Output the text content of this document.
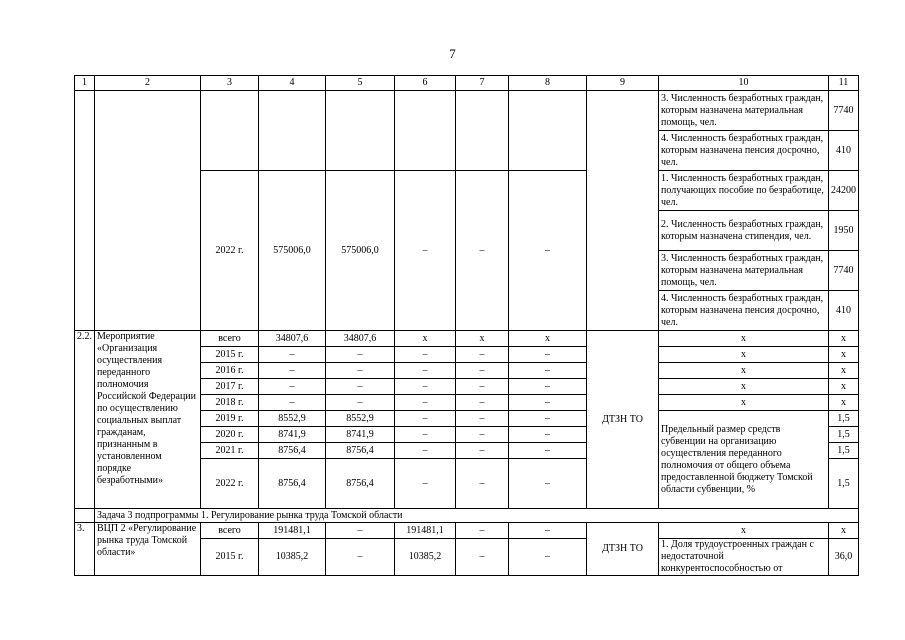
7
1	2	3	4	5	6	7	8	9	10	11
									3. Численность безработных граждан, которым назначена материальная помощь, чел.	7740
									4. Численность безработных граждан, которым назначена пенсия досрочно, чел.	410
		2022 г.	575006,0	575006,0	–	–	–		1. Численность безработных граждан, получающих пособие по безработице, чел.	24200
									2. Численность безработных граждан, которым назначена стипендия, чел.	1950
									3. Численность безработных граждан, которым назначена материальная помощь, чел.	7740
									4. Численность безработных граждан, которым назначена пенсия досрочно, чел.	410
2.2.	Мероприятие «Организация осуществления переданного полномочия Российской Федерации по осуществлению социальных выплат гражданам, признанным в установленном порядке безработными»	всего	34807,6	34807,6	x	x	x	ДТЗН ТО	x	x
		2015 г.	–	–	–	–	–		x	x
		2016 г.	–	–	–	–	–		x	x
		2017 г.	–	–	–	–	–		x	x
		2018 г.	–	–	–	–	–		x	x
		2019 г.	8552,9	8552,9	–	–	–		Предельный размер средств субвенции на организацию осуществления переданного полномочия от общего объема предоставленной бюджету Томской области субвенции, %	1,5
		2020 г.	8741,9	8741,9	–	–	–			1,5
		2021 г.	8756,4	8756,4	–	–	–			1,5
		2022 г.	8756,4	8756,4	–	–	–			1,5
	Задача 3 подпрограммы 1. Регулирование рынка труда Томской области									
3.	ВЦП 2 «Регулирование рынка труда Томской области»	всего	191481,1	–	191481,1	–	–	ДТЗН ТО	x	x
		2015 г.	10385,2	–	10385,2	–	–		1. Доля трудоустроенных граждан с недостаточной конкурентоспособностью от	36,0
